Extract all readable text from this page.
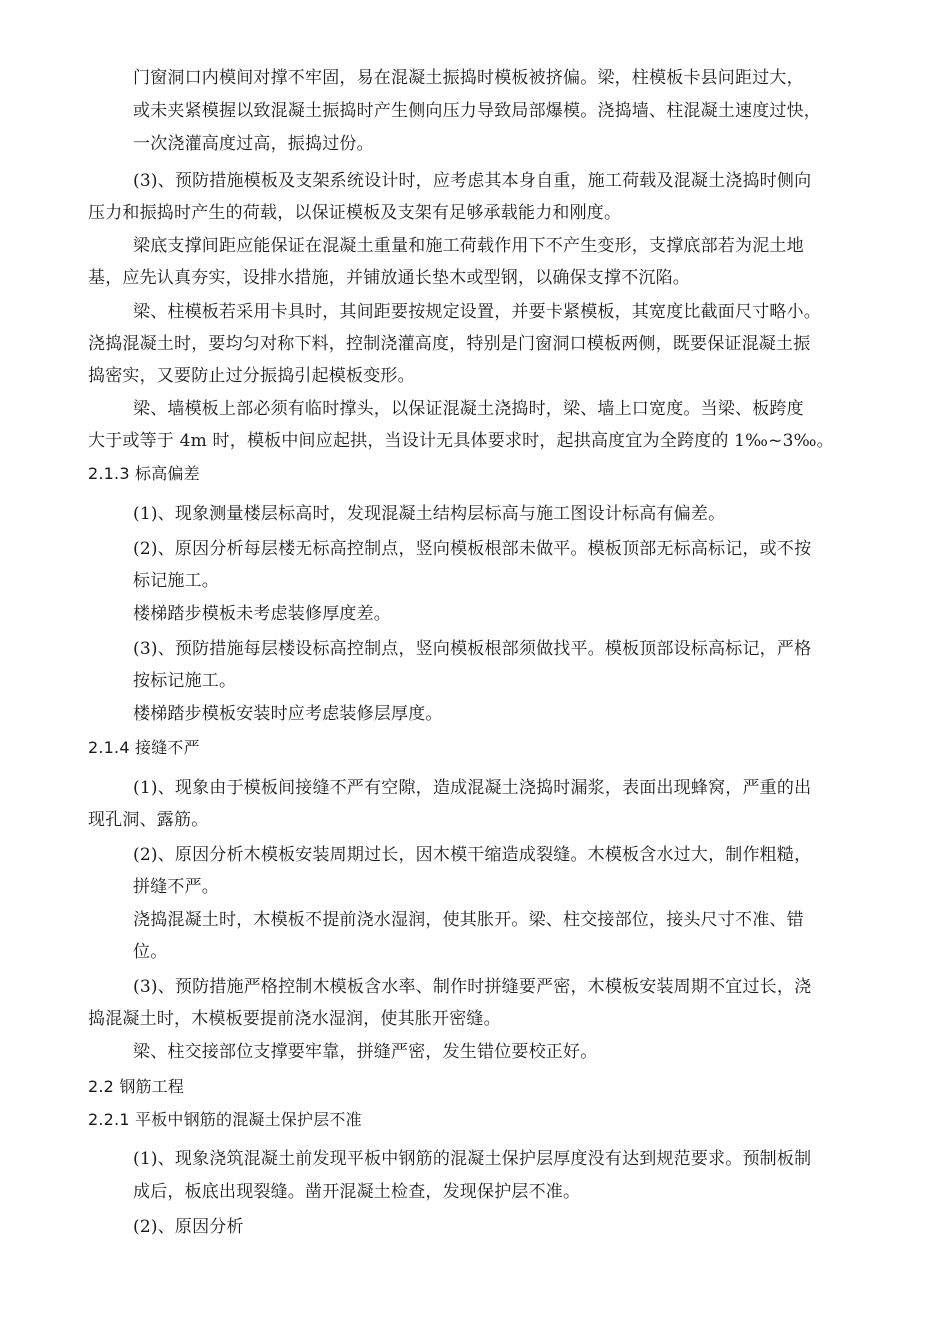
门窗洞口内模间对撑不牢固，易在混凝土振捣时模板被挤偏。梁，柱模板卡县问距过大，
或未夹紧模握以致混凝土振捣时产生侧向压力导致局部爆模。浇捣墙、柱混凝土速度过快，
一次浇灌高度过高，振捣过份。
(3)、预防措施模板及支架系统设计时，应考虑其本身自重，施工荷载及混凝土浇捣时侧向
压力和振捣时产生的荷载，以保证模板及支架有足够承载能力和刚度。
梁底支撑间距应能保证在混凝土重量和施工荷载作用下不产生变形，支撑底部若为泥土地
基，应先认真夯实，设排水措施，并铺放通长垫木或型钢，以确保支撑不沉陷。
梁、柱模板若采用卡具时，其间距要按规定设置，并要卡紧模板，其宽度比截面尺寸略小。
浇捣混凝土时，要均匀对称下料，控制浇灌高度，特别是门窗洞口模板两侧，既要保证混凝土振
捣密实，又要防止过分振捣引起模板变形。
梁、墙模板上部必须有临时撑头，以保证混凝土浇捣时，梁、墙上口宽度。当梁、板跨度
大于或等于 4m 时，模板中间应起拱，当设计无具体要求时，起拱高度宜为全跨度的 1‰~3‰。
2.1.3 标高偏差
(1)、现象测量楼层标高时，发现混凝土结构层标高与施工图设计标高有偏差。
(2)、原因分析每层楼无标高控制点，竖向模板根部未做平。模板顶部无标高标记，或不按
标记施工。
楼梯踏步模板未考虑装修厚度差。
(3)、预防措施每层楼设标高控制点，竖向模板根部须做找平。模板顶部设标高标记，严格
按标记施工。
楼梯踏步模板安装时应考虑装修层厚度。
2.1.4 接缝不严
(1)、现象由于模板间接缝不严有空隙，造成混凝土浇捣时漏浆，表面出现蜂窝，严重的出
现孔洞、露筋。
(2)、原因分析木模板安装周期过长，因木模干缩造成裂缝。木模板含水过大，制作粗糙，
拼缝不严。
浇捣混凝土时，木模板不提前浇水湿润，使其胀开。梁、柱交接部位，接头尺寸不准、错
位。
(3)、预防措施严格控制木模板含水率、制作时拼缝要严密，木模板安装周期不宜过长，浇
捣混凝土时，木模板要提前浇水湿润，使其胀开密缝。
梁、柱交接部位支撑要牢靠，拼缝严密，发生错位要校正好。
2.2 钢筋工程
2.2.1 平板中钢筋的混凝土保护层不准
(1)、现象浇筑混凝土前发现平板中钢筋的混凝土保护层厚度没有达到规范要求。预制板制
成后，板底出现裂缝。凿开混凝土检查，发现保护层不准。
(2)、原因分析
